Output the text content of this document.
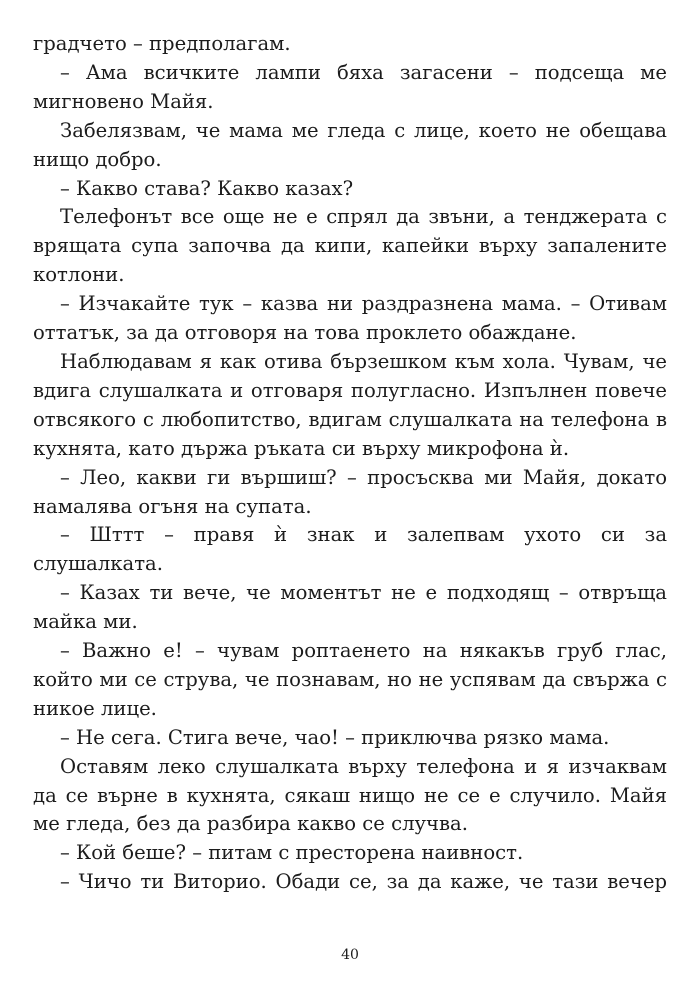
градчето – предполагам.

– Ама всичките лампи бяха загасени – подсеща ме мигновено Майя.

Забелязвам, че мама ме гледа с лице, което не обещава нищо добро.

– Какво става? Какво казах?

Телефонът все още не е спрял да звъни, а тенджерата с врящата супа започва да кипи, капейки върху запалените котлони.

– Изчакайте тук – казва ни раздразнена мама. – Отивам оттатък, за да отговоря на това проклето обаждане.

Наблюдавам я как отива бързешком към хола. Чувам, че вдига слушалката и отговаря полугласно. Изпълнен повече отвсякого с любопитство, вдигам слушалката на телефона в кухнята, като държа ръката си върху микрофона ѝ.

– Лео, какви ги вършиш? – просъсква ми Майя, докато намалява огъня на супата.

– Шттт – правя ѝ знак и залепвам ухото си за слушалката.

– Казах ти вече, че моментът не е подходящ – отвръща майка ми.

– Важно е! – чувам роптаенето на някакъв груб глас, който ми се струва, че познавам, но не успявам да свържа с никое лице.

– Не сега. Стига вече, чао! – приключва рязко мама.

Оставям леко слушалката върху телефона и я изчаквам да се върне в кухнята, сякаш нищо не се е случило. Майя ме гледа, без да разбира какво се случва.

– Кой беше? – питам с престорена наивност.

– Чичо ти Виторио. Обади се, за да каже, че тази вечер

40
